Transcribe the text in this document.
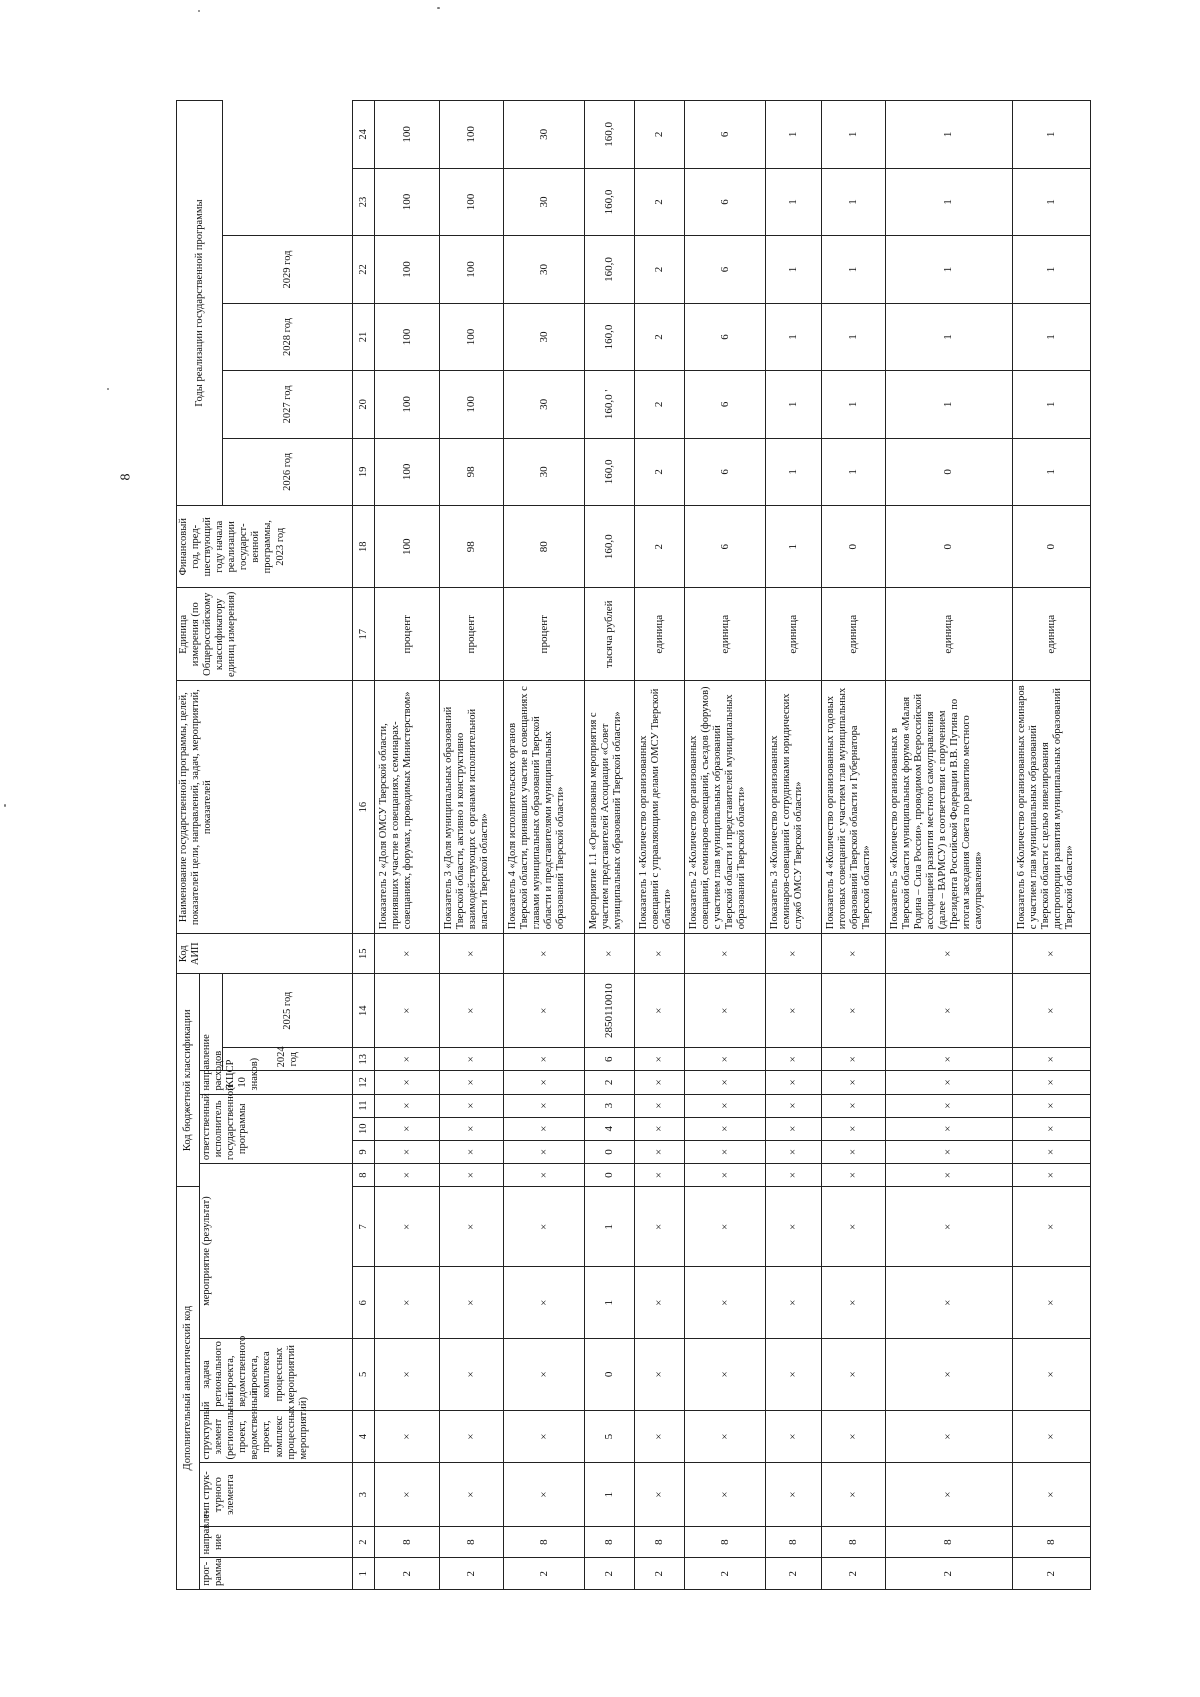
8
Дополнительный аналитический код							Код бюджетной классификации							Код АИП	Наименование государственной программы, целей, показателей цели, направлений, задач, мероприятий, показателей	Единица измерения (по Общероссийскому классификатору единиц измерения)	Финансовый год, пред-шествующий году начала реализации государст-венной программы, 2023 год	Годы реализации государственной программы					
прог-рамма	направле-ние	тип струк-турного элемента	структурный элемент (региональный проект, ведомственный проект, комплекс процессных мероприятий)	задача регионального проекта, ведомственного проекта, комплекса процессных мероприятий	мероприятие (результат)			ответственный исполнитель государственной программы			направление расходов (КЦСР 10 знаков)												
												2024 год	2025 год					2026 год	2027 год	2028 год	2029 год		
1	2	3	4	5	6	7	8	9	10	11	12	13	14	15	16	17	18	19	20	21	22	23	24
2	8	×	×	×	×	×	×	×	×	×	×	×	×	×	Показатель 2 «Доля ОМСУ Тверской области, принявших участие в совещаниях, семинарах-совещаниях, форумах, проводимых Министерством»	процент	100	100	100	100	100	100	100
2	8	×	×	×	×	×	×	×	×	×	×	×	×	×	Показатель 3 «Доля муниципальных образований Тверской области, активно и конструктивно взаимодействующих с органами исполнительной власти Тверской области»	процент	98	98	100	100	100	100	100
2	8	×	×	×	×	×	×	×	×	×	×	×	×	×	Показатель 4 «Доля исполнительских органов Тверской области, принявших участие в совещаниях с главами муниципальных образований Тверской области и представителями муниципальных образований Тверской области»	процент	80	30	30	30	30	30	30
2	8	1	5	0	1	1	0	0	4	3	2	6	2850110010	×	Мероприятие 1.1 «Организованы мероприятия с участием представителей Ассоциации «Совет муниципальных образований Тверской области»	тысяча рублей	160,0	160,0	160,0 '	160,0	160,0	160,0	160,0
2	8	×	×	×	×	×	×	×	×	×	×	×	×	×	Показатель 1 «Количество организованных совещаний с управляющими делами ОМСУ Тверской области»	единица	2	2	2	2	2	2	2
2	8	×	×	×	×	×	×	×	×	×	×	×	×	×	Показатель 2 «Количество организованных совещаний, семинаров-совещаний, съездов (форумов) с участием глав муниципальных образований Тверской области и представителей муниципальных образований Тверской области»	единица	6	6	6	6	6	6	6
2	8	×	×	×	×	×	×	×	×	×	×	×	×	×	Показатель 3 «Количество организованных семинаров-совещаний с сотрудниками юридических служб ОМСУ Тверской области»	единица	1	1	1	1	1	1	1
2	8	×	×	×	×	×	×	×	×	×	×	×	×	×	Показатель 4 «Количество организованных годовых итоговых совещаний с участием глав муниципальных образований Тверской области и Губернатора Тверской области»	единица	0	1	1	1	1	1	1
2	8	×	×	×	×	×	×	×	×	×	×	×	×	×	Показатель 5 «Количество организованных в Тверской области муниципальных форумов «Малая Родина – Сила России», проводимом Всероссийской ассоциацией развития местного самоуправления (далее – ВАРМСУ) в соответствии с поручением Президента Российской Федерации В.В. Путина по итогам заседания Совета по развитию местного самоуправления»	единица	0	0	1	1	1	1	1
2	8	×	×	×	×	×	×	×	×	×	×	×	×	×	Показатель 6 «Количество организованных семинаров с участием глав муниципальных образований Тверской области с целью нивелирования диспропорции развития муниципальных образований Тверской области»	единица	0	1	1	1	1	1	1
